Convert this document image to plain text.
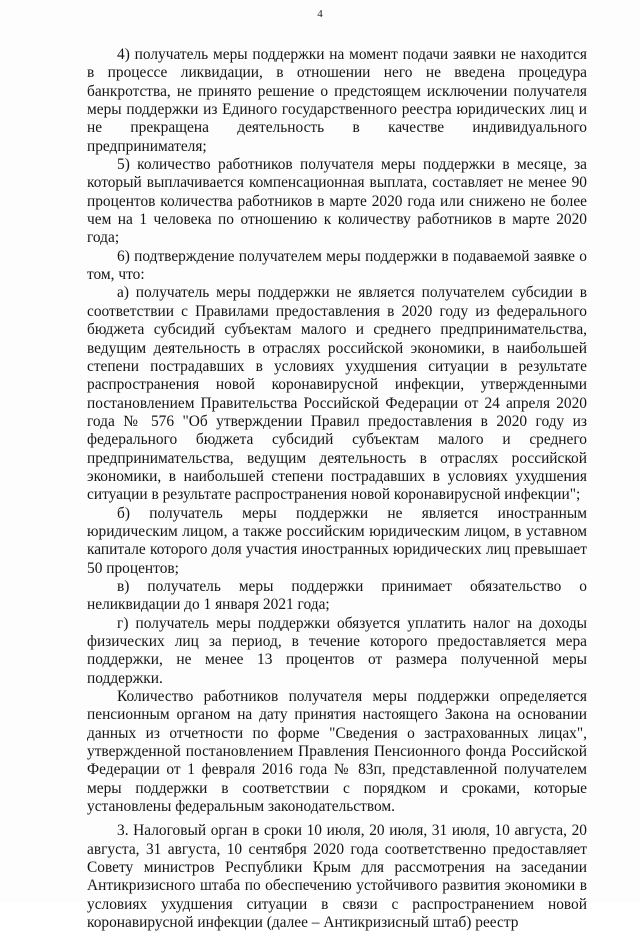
4

4) получатель меры поддержки на момент подачи заявки не находится в процессе ликвидации, в отношении него не введена процедура банкротства, не принято решение о предстоящем исключении получателя меры поддержки из Единого государственного реестра юридических лиц и не прекращена деятельность в качестве индивидуального предпринимателя;

5) количество работников получателя меры поддержки в месяце, за который выплачивается компенсационная выплата, составляет не менее 90 процентов количества работников в марте 2020 года или снижено не более чем на 1 человека по отношению к количеству работников в марте 2020 года;

6) подтверждение получателем меры поддержки в подаваемой заявке о том, что:

а) получатель меры поддержки не является получателем субсидии в соответствии с Правилами предоставления в 2020 году из федерального бюджета субсидий субъектам малого и среднего предпринимательства, ведущим деятельность в отраслях российской экономики, в наибольшей степени пострадавших в условиях ухудшения ситуации в результате распространения новой коронавирусной инфекции, утвержденными постановлением Правительства Российской Федерации от 24 апреля 2020 года № 576 "Об утверждении Правил предоставления в 2020 году из федерального бюджета субсидий субъектам малого и среднего предпринимательства, ведущим деятельность в отраслях российской экономики, в наибольшей степени пострадавших в условиях ухудшения ситуации в результате распространения новой коронавирусной инфекции";

б) получатель меры поддержки не является иностранным юридическим лицом, а также российским юридическим лицом, в уставном капитале которого доля участия иностранных юридических лиц превышает 50 процентов;

в) получатель меры поддержки принимает обязательство о неликвидации до 1 января 2021 года;

г) получатель меры поддержки обязуется уплатить налог на доходы физических лиц за период, в течение которого предоставляется мера поддержки, не менее 13 процентов от размера полученной меры поддержки.

Количество работников получателя меры поддержки определяется пенсионным органом на дату принятия настоящего Закона на основании данных из отчетности по форме "Сведения о застрахованных лицах", утвержденной постановлением Правления Пенсионного фонда Российской Федерации от 1 февраля 2016 года № 83п, представленной получателем меры поддержки в соответствии с порядком и сроками, которые установлены федеральным законодательством.

3. Налоговый орган в сроки 10 июля, 20 июля, 31 июля, 10 августа, 20 августа, 31 августа, 10 сентября 2020 года соответственно предоставляет Совету министров Республики Крым для рассмотрения на заседании Антикризисного штаба по обеспечению устойчивого развития экономики в условиях ухудшения ситуации в связи с распространением новой коронавирусной инфекции (далее – Антикризисный штаб) реестр
